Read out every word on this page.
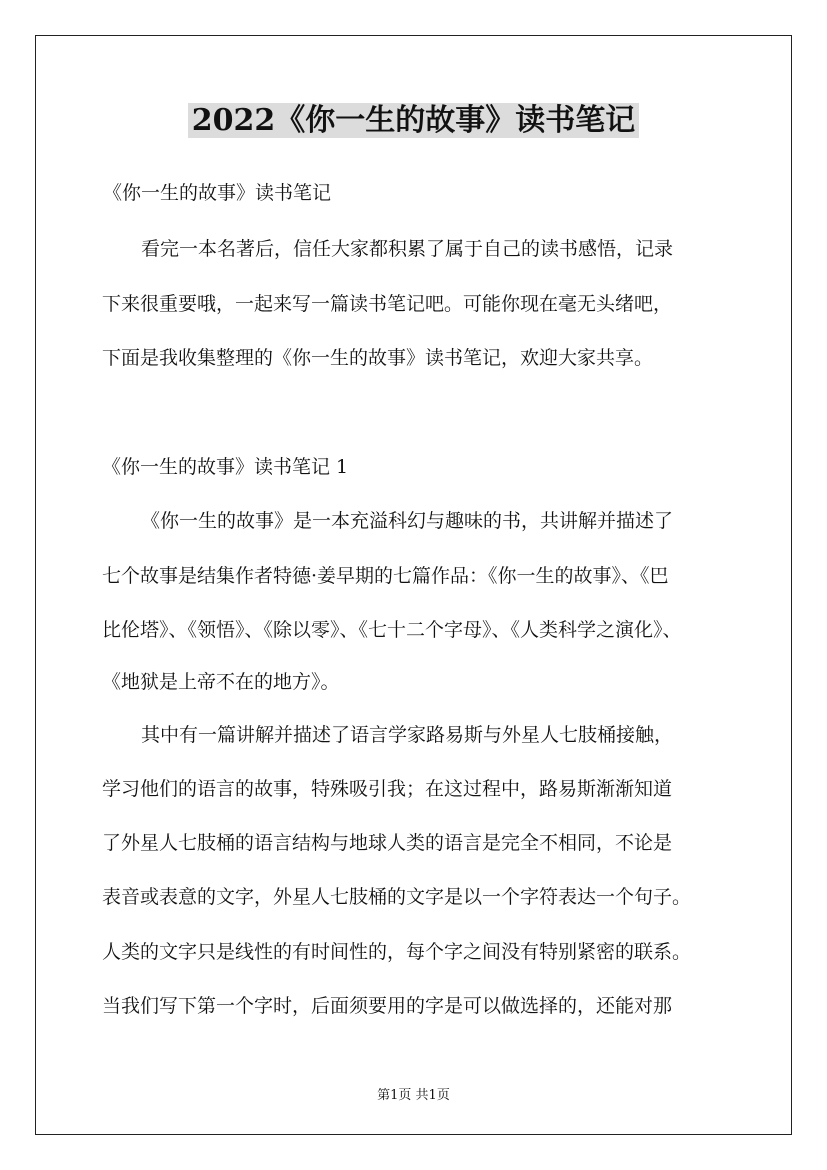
2022《你一生的故事》读书笔记
《你一生的故事》读书笔记
看完一本名著后，信任大家都积累了属于自己的读书感悟，记录
下来很重要哦，一起来写一篇读书笔记吧。可能你现在毫无头绪吧，
下面是我收集整理的《你一生的故事》读书笔记，欢迎大家共享。
《你一生的故事》读书笔记 1
《你一生的故事》是一本充溢科幻与趣味的书，共讲解并描述了
七个故事是结集作者特德·姜早期的七篇作品：《你一生的故事》、《巴
比伦塔》、《领悟》、《除以零》、《七十二个字母》、《人类科学之演化》、
《地狱是上帝不在的地方》。
其中有一篇讲解并描述了语言学家路易斯与外星人七肢桶接触，
学习他们的语言的故事，特殊吸引我；在这过程中，路易斯渐渐知道
了外星人七肢桶的语言结构与地球人类的语言是完全不相同，不论是
表音或表意的文字，外星人七肢桶的文字是以一个字符表达一个句子。
人类的文字只是线性的有时间性的，每个字之间没有特别紧密的联系。
当我们写下第一个字时，后面须要用的字是可以做选择的，还能对那
第1页 共1页
